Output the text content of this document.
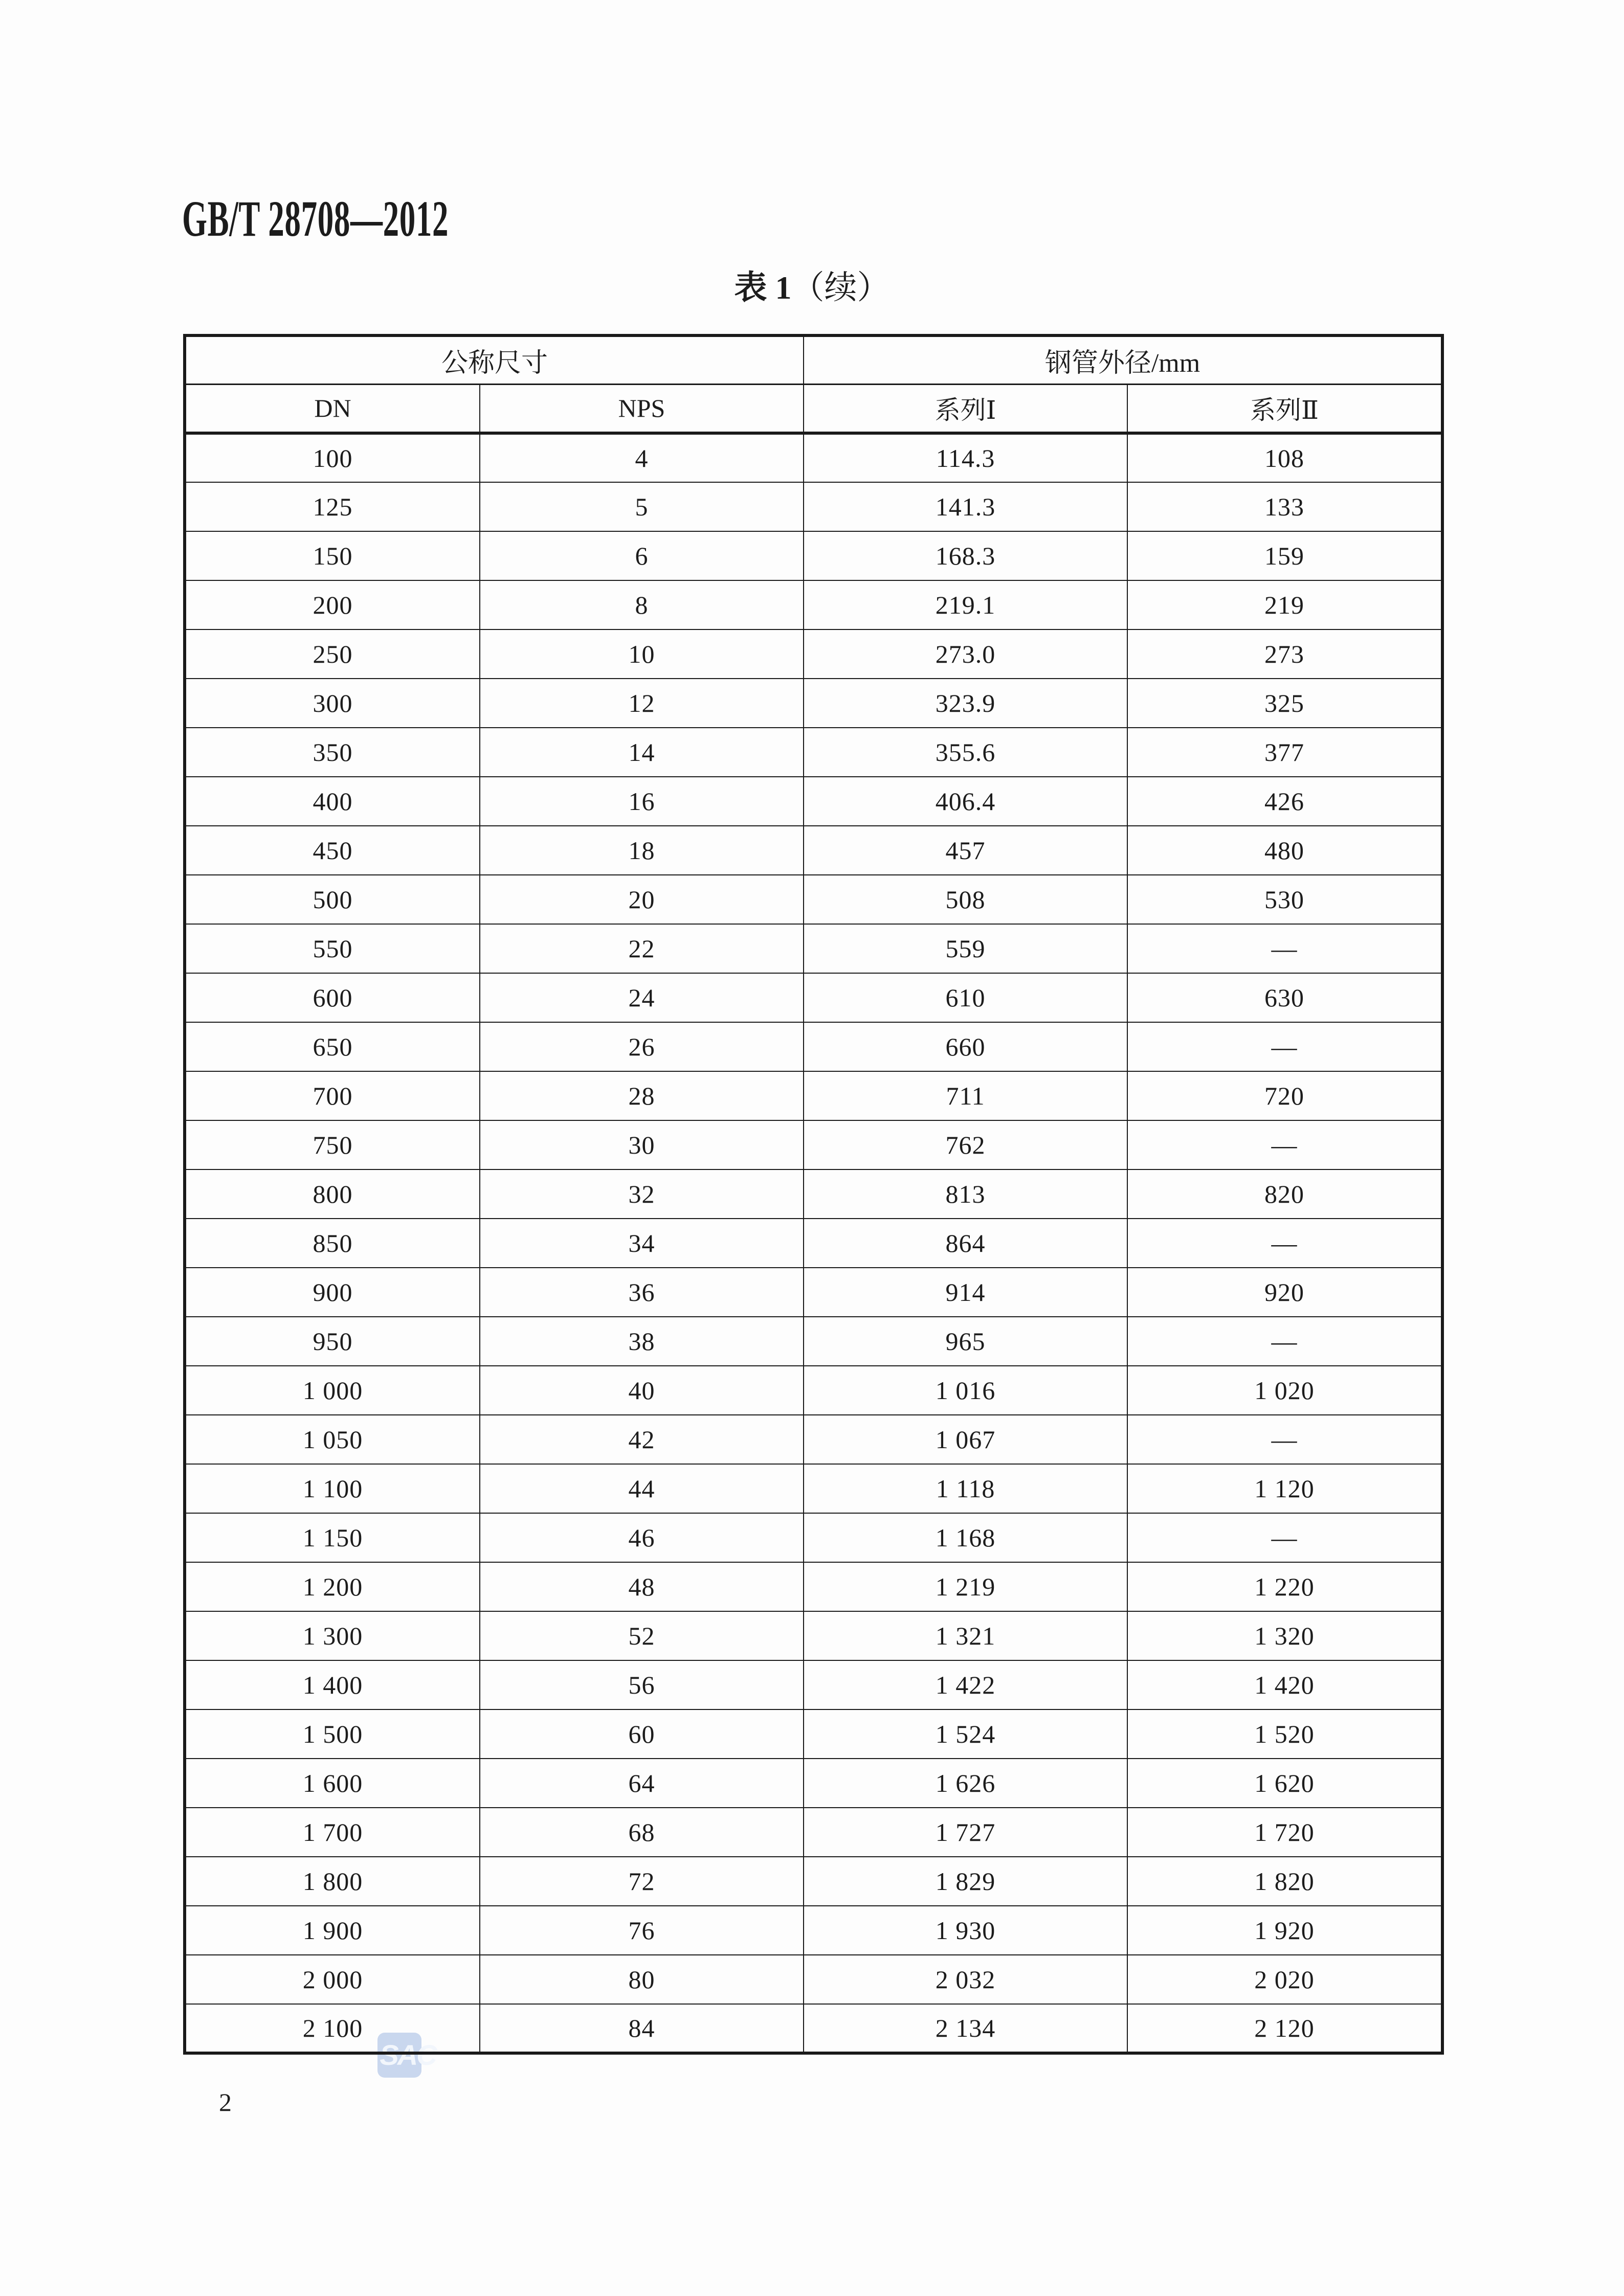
GB/T 28708—2012
表 1（续）
SAC
公称尺寸		钢管外径/mm	
DN	NPS	系列Ⅰ	系列Ⅱ
100	4	114.3	108
125	5	141.3	133
150	6	168.3	159
200	8	219.1	219
250	10	273.0	273
300	12	323.9	325
350	14	355.6	377
400	16	406.4	426
450	18	457	480
500	20	508	530
550	22	559	—
600	24	610	630
650	26	660	—
700	28	711	720
750	30	762	—
800	32	813	820
850	34	864	—
900	36	914	920
950	38	965	—
1 000	40	1 016	1 020
1 050	42	1 067	—
1 100	44	1 118	1 120
1 150	46	1 168	—
1 200	48	1 219	1 220
1 300	52	1 321	1 320
1 400	56	1 422	1 420
1 500	60	1 524	1 520
1 600	64	1 626	1 620
1 700	68	1 727	1 720
1 800	72	1 829	1 820
1 900	76	1 930	1 920
2 000	80	2 032	2 020
2 100	84	2 134	2 120
2
